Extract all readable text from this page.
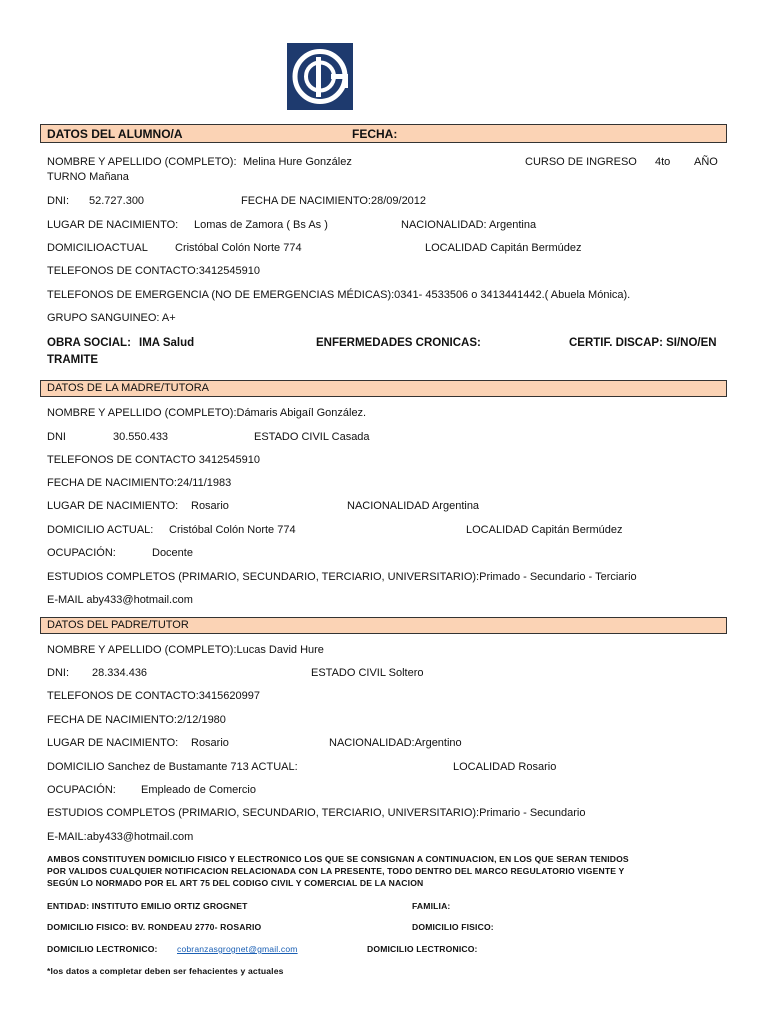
DATOS DEL ALUMNO/A	FECHA:
NOMBRE Y APELLIDO (COMPLETO): Melina Hure González	CURSO DE INGRESO 4to AÑO
TURNO Mañana
DNI: 52.727.300	FECHA DE NACIMIENTO:28/09/2012
LUGAR DE NACIMIENTO: Lomas de Zamora ( Bs As )	NACIONALIDAD: Argentina
DOMICILIOACTUAL Cristóbal Colón Norte 774	LOCALIDAD Capitán Bermúdez
TELEFONOS DE CONTACTO:3412545910
TELEFONOS DE EMERGENCIA (NO DE EMERGENCIAS MÉDICAS):0341- 4533506 o 3413441442.( Abuela Mónica).
GRUPO SANGUINEO: A+
OBRA SOCIAL: IMA Salud	ENFERMEDADES CRONICAS:	CERTIF. DISCAP: SI/NO/EN
TRAMITE
DATOS DE LA MADRE/TUTORA
NOMBRE Y APELLIDO (COMPLETO):Dámaris Abigaíl González.
DNI	30.550.433	ESTADO CIVIL Casada
TELEFONOS DE CONTACTO 3412545910
FECHA DE NACIMIENTO:24/11/1983
LUGAR DE NACIMIENTO: Rosario	NACIONALIDAD Argentina
DOMICILIO ACTUAL: Cristóbal Colón Norte 774	LOCALIDAD Capitán Bermúdez
OCUPACIÓN:	Docente
ESTUDIOS COMPLETOS (PRIMARIO, SECUNDARIO, TERCIARIO, UNIVERSITARIO):Primado - Secundario - Terciario
E-MAIL aby433@hotmail.com
DATOS DEL PADRE/TUTOR
NOMBRE Y APELLIDO (COMPLETO):Lucas David Hure
DNI: 28.334.436	ESTADO CIVIL Soltero
TELEFONOS DE CONTACTO:3415620997
FECHA DE NACIMIENTO:2/12/1980
LUGAR DE NACIMIENTO: Rosario	NACIONALIDAD:Argentino
DOMICILIO Sanchez de Bustamante 713 ACTUAL:	LOCALIDAD Rosario
OCUPACIÓN: Empleado de Comercio
ESTUDIOS COMPLETOS (PRIMARIO, SECUNDARIO, TERCIARIO, UNIVERSITARIO):Primario - Secundario
E-MAIL:aby433@hotmail.com
AMBOS CONSTITUYEN DOMICILIO FISICO Y ELECTRONICO LOS QUE SE CONSIGNAN A CONTINUACION, EN LOS QUE SERAN TENIDOS
POR VALIDOS CUALQUIER NOTIFICACION RELACIONADA CON LA PRESENTE, TODO DENTRO DEL MARCO REGULATORIO VIGENTE Y
SEGÚN LO NORMADO POR EL ART 75 DEL CODIGO CIVIL Y COMERCIAL DE LA NACION
ENTIDAD: INSTITUTO EMILIO ORTIZ GROGNET	FAMILIA:
DOMICILIO FISICO: BV. RONDEAU 2770- ROSARIO	DOMICILIO FISICO:
DOMICILIO LECTRONICO: cobranzasgrognet@gmail.com	DOMICILIO LECTRONICO:
*los datos a completar deben ser fehacientes y actuales
